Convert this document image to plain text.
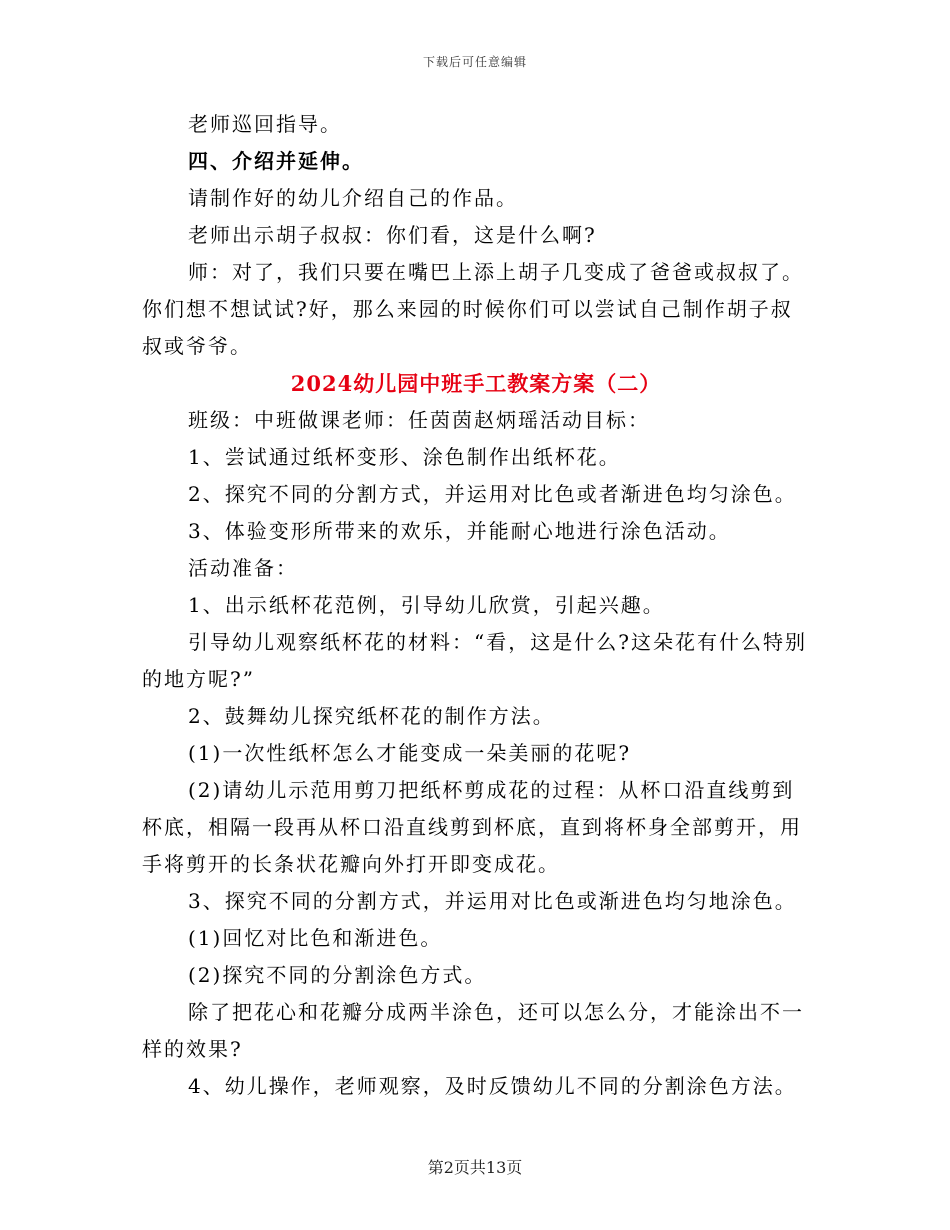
下载后可任意编辑

老师巡回指导。

四、介绍并延伸。

请制作好的幼儿介绍自己的作品。

老师出示胡子叔叔：你们看，这是什么啊?

师：对了，我们只要在嘴巴上添上胡子几变成了爸爸或叔叔了。你们想不想试试?好，那么来园的时候你们可以尝试自己制作胡子叔叔或爷爷。

2024幼儿园中班手工教案方案（二）

班级：中班做课老师：任茵茵赵炳瑶活动目标：

1、尝试通过纸杯变形、涂色制作出纸杯花。

2、探究不同的分割方式，并运用对比色或者渐进色均匀涂色。

3、体验变形所带来的欢乐，并能耐心地进行涂色活动。

活动准备：

1、出示纸杯花范例，引导幼儿欣赏，引起兴趣。

引导幼儿观察纸杯花的材料：“看，这是什么?这朵花有什么特别的地方呢?”

2、鼓舞幼儿探究纸杯花的制作方法。

(1)一次性纸杯怎么才能变成一朵美丽的花呢?

(2)请幼儿示范用剪刀把纸杯剪成花的过程：从杯口沿直线剪到杯底，相隔一段再从杯口沿直线剪到杯底，直到将杯身全部剪开，用手将剪开的长条状花瓣向外打开即变成花。

3、探究不同的分割方式，并运用对比色或渐进色均匀地涂色。

(1)回忆对比色和渐进色。

(2)探究不同的分割涂色方式。

除了把花心和花瓣分成两半涂色，还可以怎么分，才能涂出不一样的效果?

4、幼儿操作，老师观察，及时反馈幼儿不同的分割涂色方法。

第2页共13页
